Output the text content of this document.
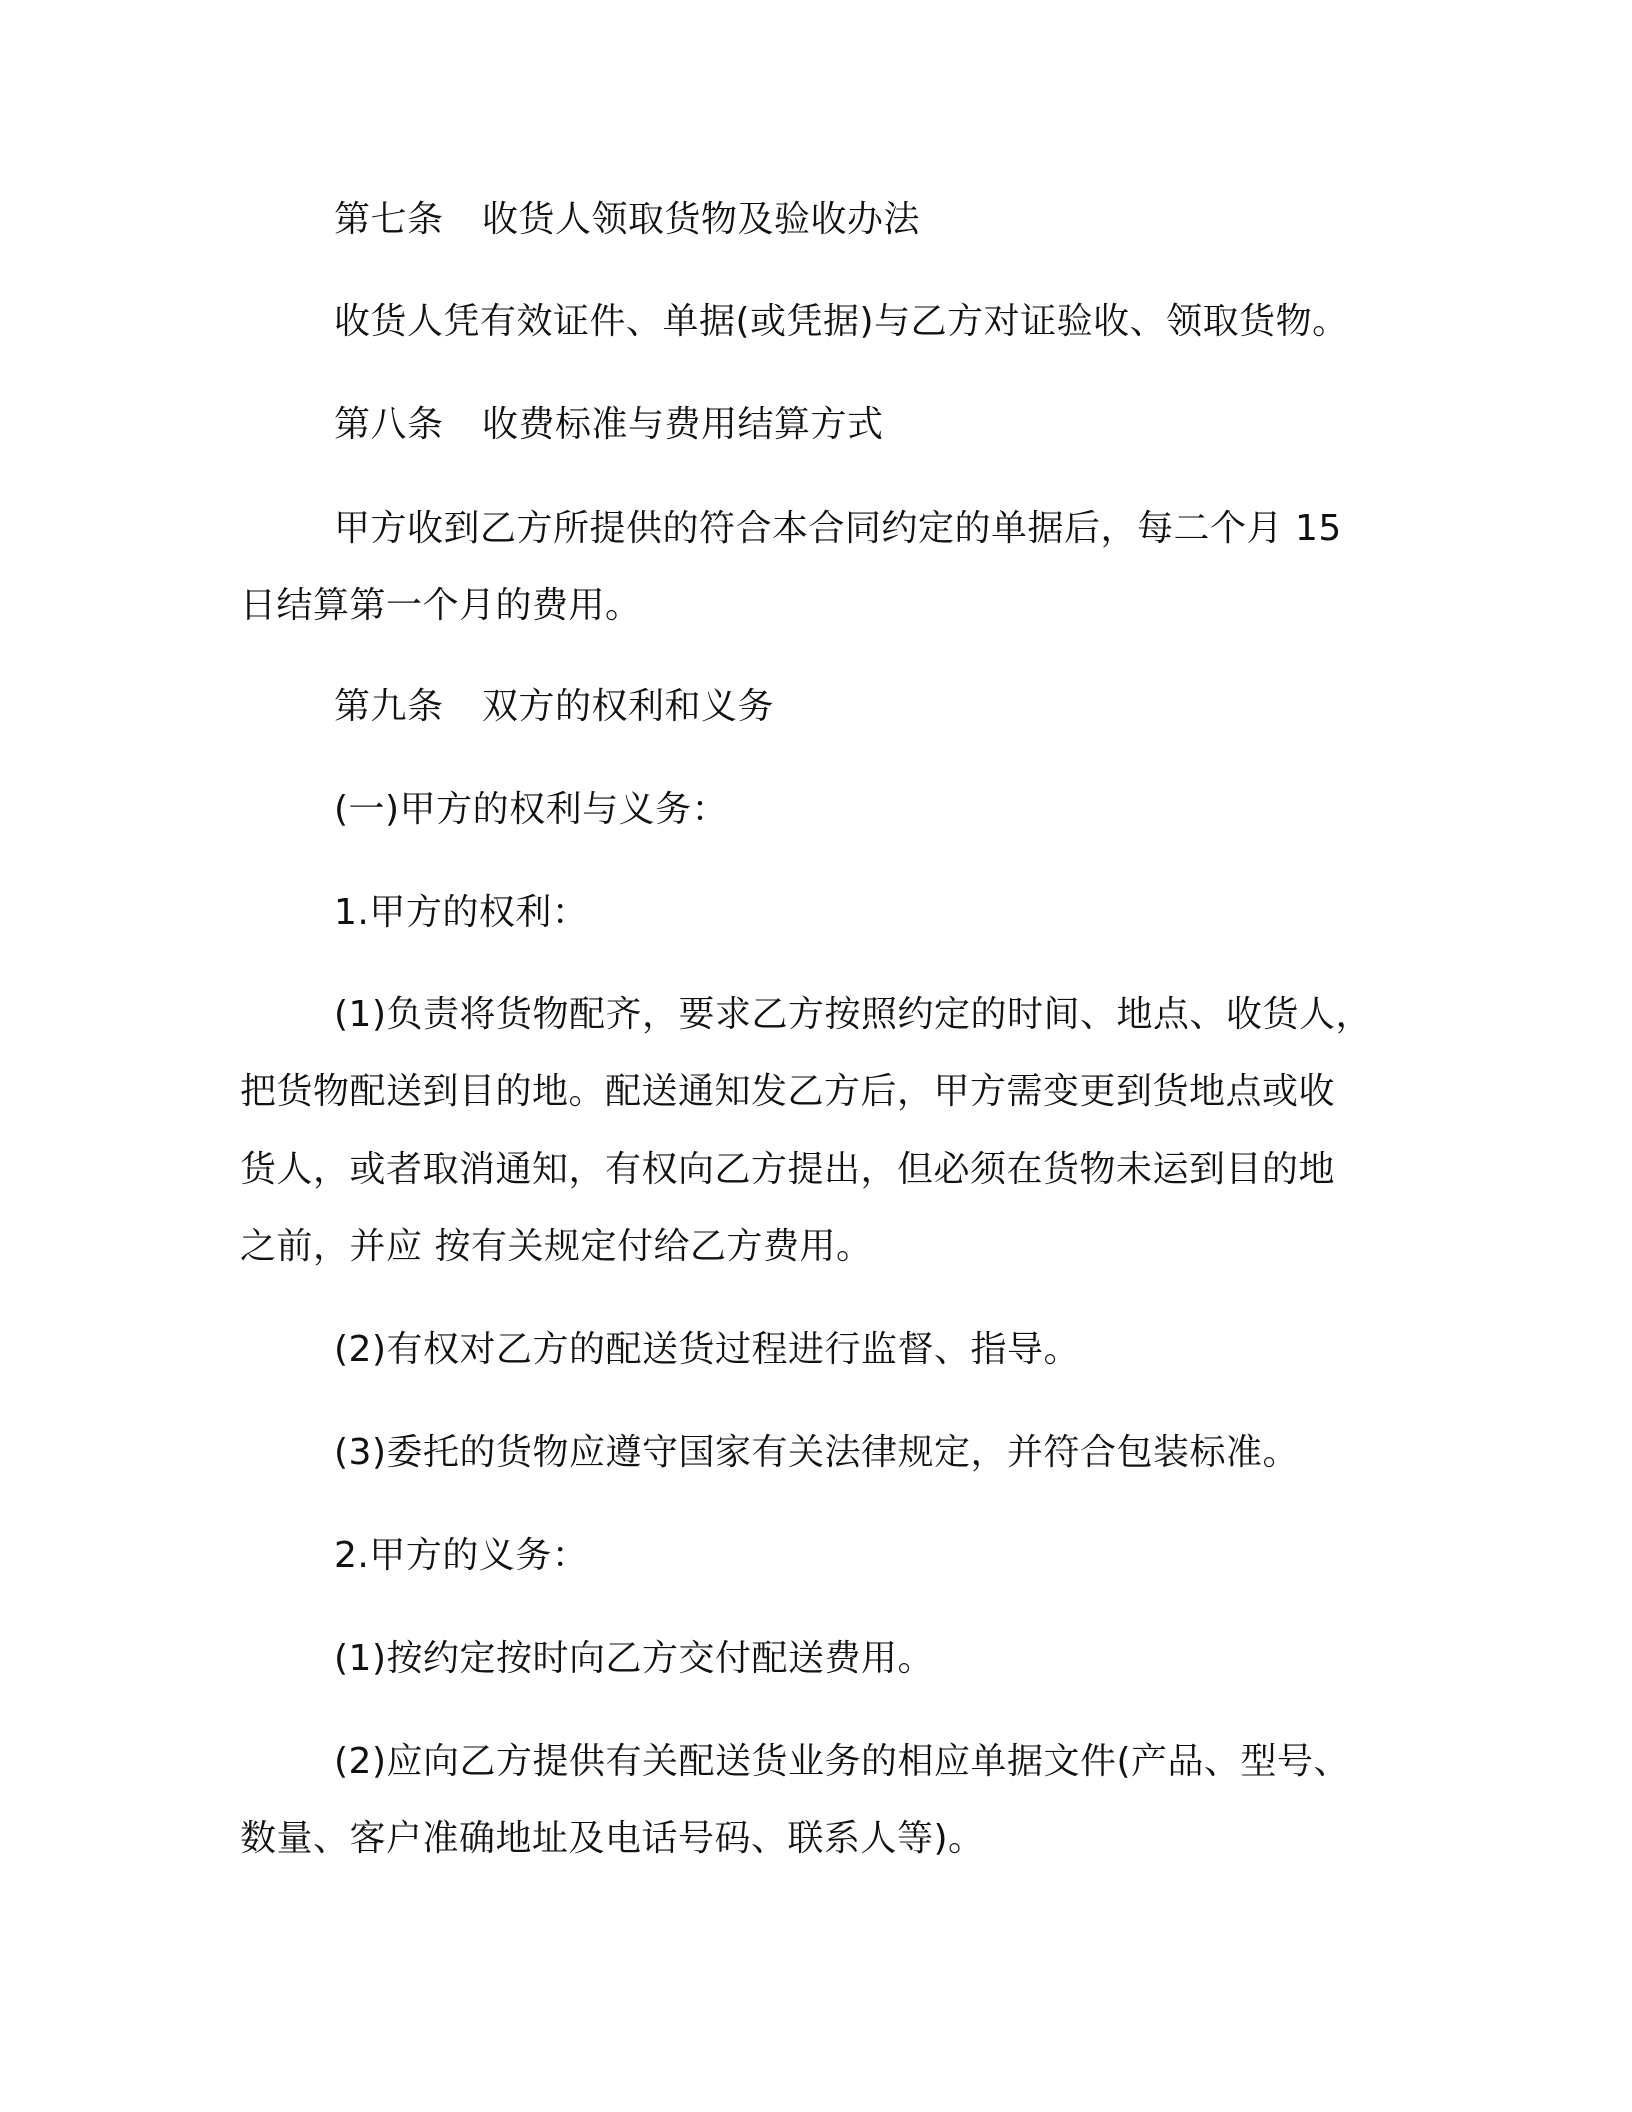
第七条 收货人领取货物及验收办法
收货人凭有效证件、单据(或凭据)与乙方对证验收、领取货物。
第八条 收费标准与费用结算方式
甲方收到乙方所提供的符合本合同约定的单据后，每二个月 15
日结算第一个月的费用。
第九条 双方的权利和义务
(一)甲方的权利与义务：
1.甲方的权利：
(1)负责将货物配齐，要求乙方按照约定的时间、地点、收货人，
把货物配送到目的地。配送通知发乙方后，甲方需变更到货地点或收
货人，或者取消通知，有权向乙方提出，但必须在货物未运到目的地
之前，并应 按有关规定付给乙方费用。
(2)有权对乙方的配送货过程进行监督、指导。
(3)委托的货物应遵守国家有关法律规定，并符合包装标准。
2.甲方的义务：
(1)按约定按时向乙方交付配送费用。
(2)应向乙方提供有关配送货业务的相应单据文件(产品、型号、
数量、客户准确地址及电话号码、联系人等)。
